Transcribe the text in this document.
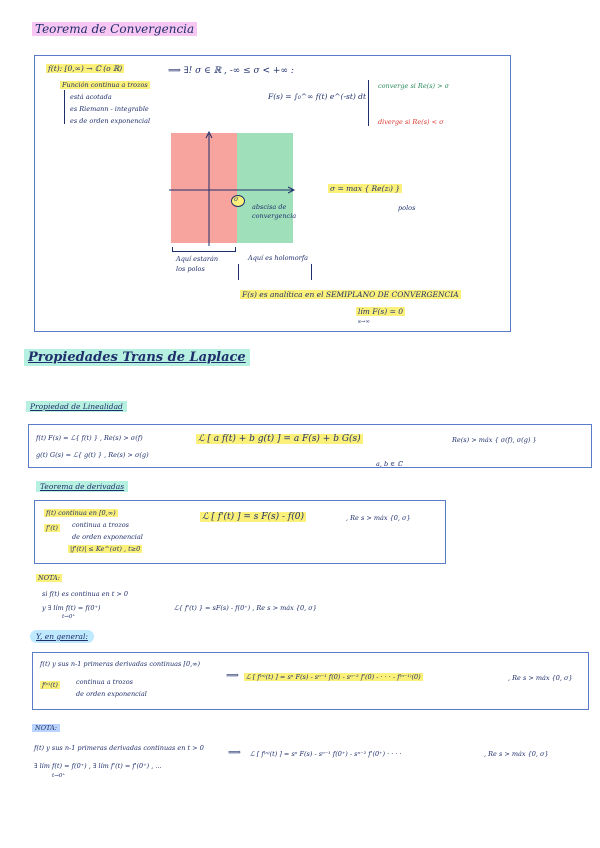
Teorema de Convergencia
f(t): [0,∞) → ℂ (o ℝ)
Función continua a trozos
está acotada
es Riemann - integrable
es de orden exponencial
⟹ ∃! σ ∈ ℝ , -∞ ≤ σ < +∞ :
F(s) = ∫₀^∞ f(t) e^(-st) dt
converge si Re(s) > σ
diverge si Re(s) < σ
σ
abscisa de convergencia
σ = max { Re(zᵢ) }
polos
Aquí estarán
los polos
Aquí es holomorfa
F(s) es analítica en el SEMIPLANO DE CONVERGENCIA
lím F(s) = 0
s→∞
Propiedades Trans de Laplace
Propiedad de Linealidad
f(t) F(s) = ℒ{ f(t) } , Re(s) > σ(f)
g(t) G(s) = ℒ{ g(t) } , Re(s) > σ(g)
ℒ [ a f(t) + b g(t) ] = a F(s) + b G(s)	Re(s) > máx { σ(f), σ(g) }
a, b ∈ ℂ
Teorema de derivadas
f(t) continua en [0,∞)
f'(t)	continua a trozos
de orden exponencial
|f'(t)| ≤ Ke^(σt) , t≥0
ℒ [ f'(t) ] = s F(s) - f(0)	, Re s > máx {0, σ}
NOTA:
si f(t) es continua en t > 0
y ∃ lím f(t) = f(0⁺)
t→0⁺
ℒ{ f'(t) } = sF(s) - f(0⁺) , Re s > máx {0, σ}
Y, en general:
f(t) y sus n-1 primeras derivadas continuas [0,∞)
f⁽ⁿ⁾(t)	continua a trozos
de orden exponencial
⟹	ℒ [ f⁽ⁿ⁾(t) ] = sⁿ F(s) - sⁿ⁻¹ f(0) - sⁿ⁻² f'(0) - · · · - f⁽ⁿ⁻¹⁾(0)	, Re s > máx {0, σ}
NOTA:
f(t) y sus n-1 primeras derivadas continuas en t > 0
∃ lím f(t) = f(0⁺) , ∃ lím f'(t) = f'(0⁺) , ...
t→0⁺
⟹ ℒ [ f⁽ⁿ⁾(t) ] = sⁿ F(s) - sⁿ⁻¹ f(0⁺) - sⁿ⁻² f'(0⁺) · · · ·	, Re s > máx {0, σ}
